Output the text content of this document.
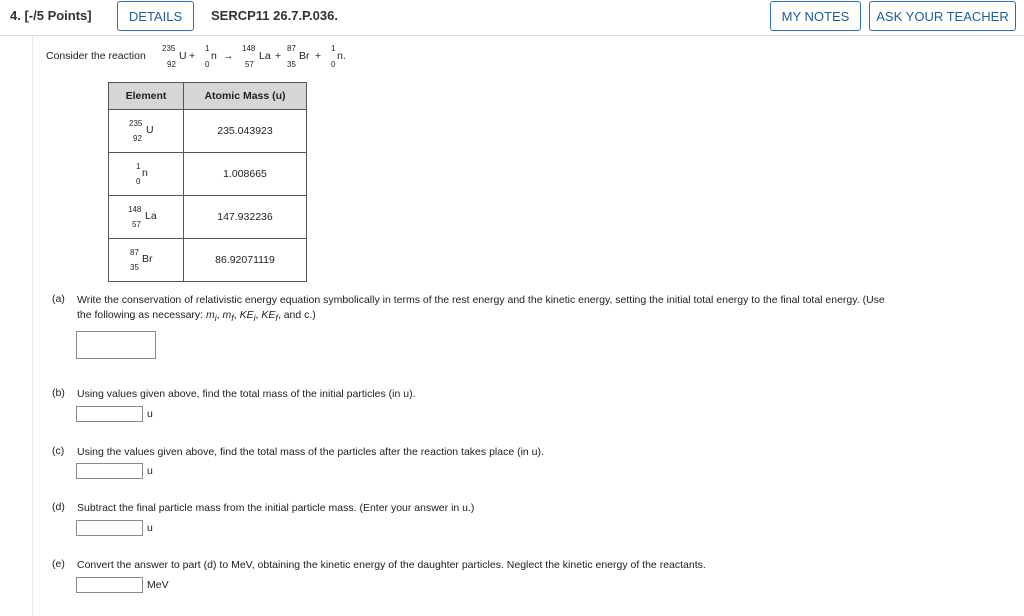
4. [-/5 Points]	DETAILS	SERCP11 26.7.P.036.	MY NOTES	ASK YOUR TEACHER
Consider the reaction
235
92
U +
1
0
n →
148
57
La +
87
35
Br +
1
0
n.
Element	Atomic Mass (u)

235
92
U	235.043923

1
0
n	1.008665

148
57
La	147.932236

87
35
Br	86.92071119
(a) Write the conservation of relativistic energy equation symbolically in terms of the rest energy and the kinetic energy, setting the initial total energy to the final total energy. (Use
the following as necessary: $m_i$, $m_f$, $KE_i$, $KE_f$, and c.)
(b) Using values given above, find the total mass of the initial particles (in u).
u
(c) Using the values given above, find the total mass of the particles after the reaction takes place (in u).
u
(d) Subtract the final particle mass from the initial particle mass. (Enter your answer in u.)
u
(e) Convert the answer to part (d) to MeV, obtaining the kinetic energy of the daughter particles. Neglect the kinetic energy of the reactants.
MeV
